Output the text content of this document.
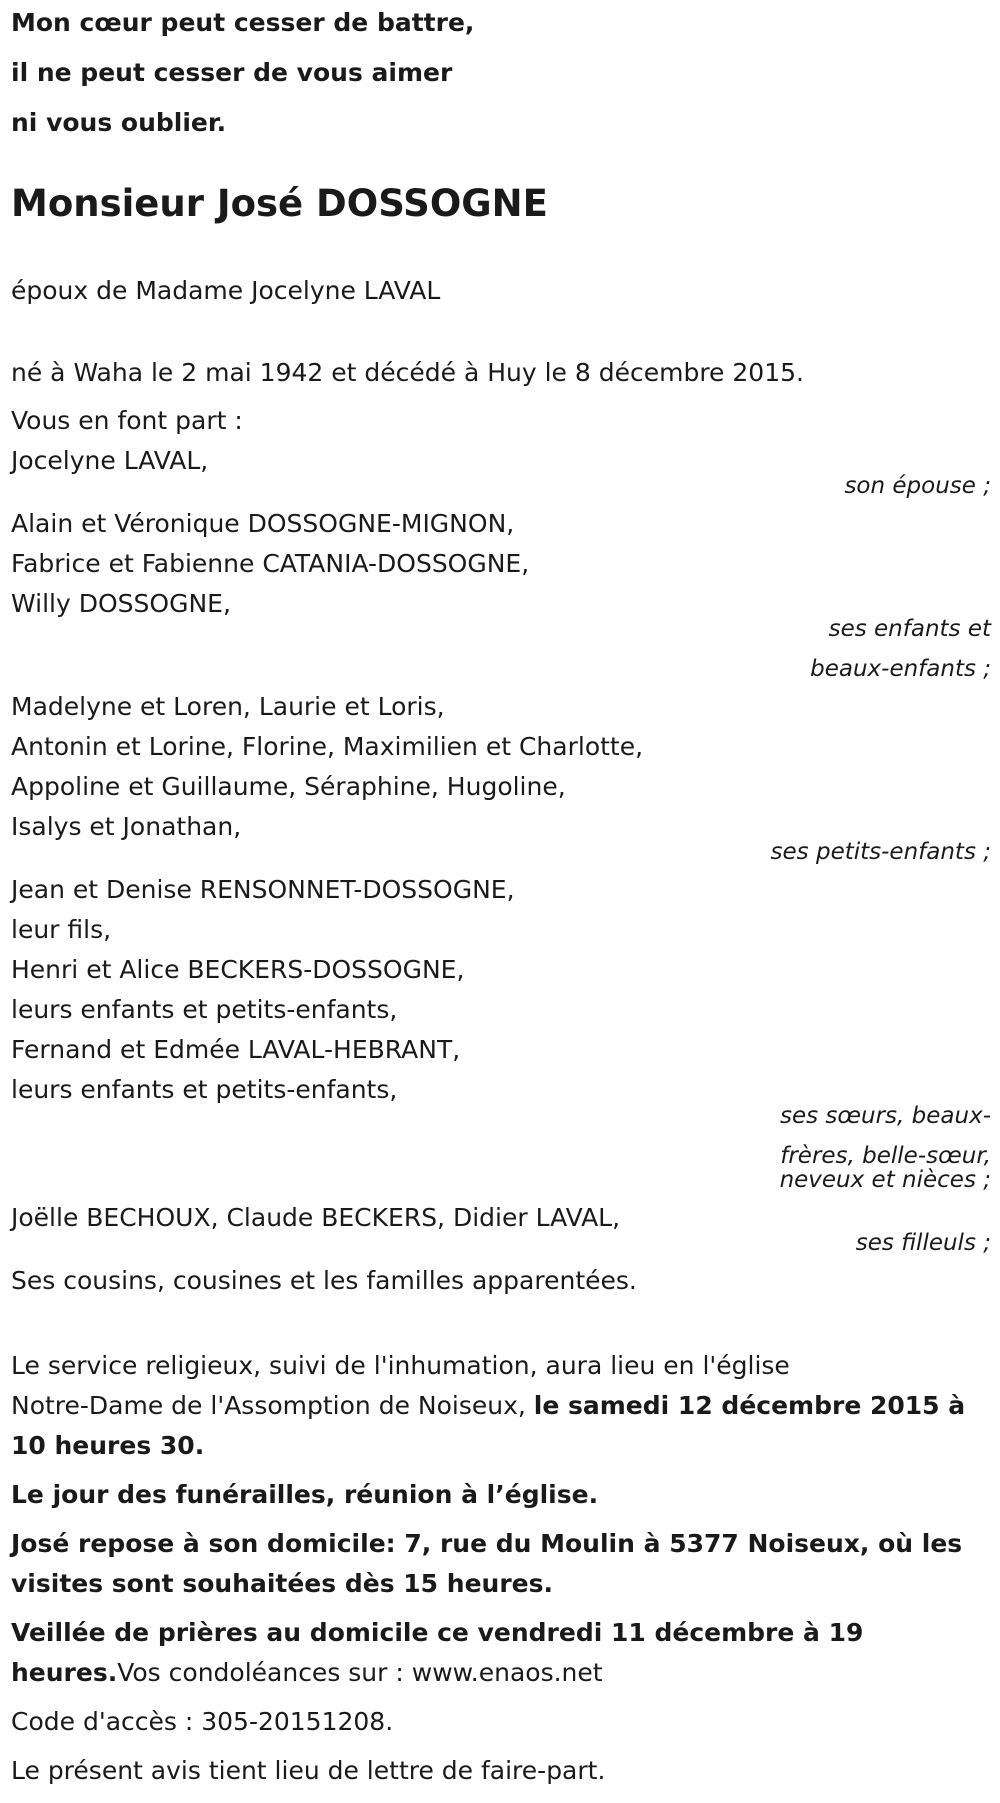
Mon cœur peut cesser de battre,
il ne peut cesser de vous aimer
ni vous oublier.
Monsieur José DOSSOGNE
époux de Madame Jocelyne LAVAL
né à Waha le 2 mai 1942 et décédé à Huy le 8 décembre 2015.
Vous en font part :
Jocelyne LAVAL,
son épouse ;
Alain et Véronique DOSSOGNE-MIGNON,
Fabrice et Fabienne CATANIA-DOSSOGNE,
Willy DOSSOGNE,
ses enfants et
beaux-enfants ;
Madelyne et Loren, Laurie et Loris,
Antonin et Lorine, Florine, Maximilien et Charlotte,
Appoline et Guillaume, Séraphine, Hugoline,
Isalys et Jonathan,
ses petits-enfants ;
Jean et Denise RENSONNET-DOSSOGNE,
leur fils,
Henri et Alice BECKERS-DOSSOGNE,
leurs enfants et petits-enfants,
Fernand et Edmée LAVAL-HEBRANT,
leurs enfants et petits-enfants,
ses sœurs, beaux-
frères, belle-sœur,
neveux et nièces ;
Joëlle BECHOUX, Claude BECKERS, Didier LAVAL,
ses filleuls ;
Ses cousins, cousines et les familles apparentées.
Le service religieux, suivi de l'inhumation, aura lieu en l'église
Notre-Dame de l'Assomption de Noiseux, le samedi 12 décembre 2015 à
10 heures 30.
Le jour des funérailles, réunion à l’église.
José repose à son domicile: 7, rue du Moulin à 5377 Noiseux, où les
visites sont souhaitées dès 15 heures.
Veillée de prières au domicile ce vendredi 11 décembre à 19
heures.Vos condoléances sur : www.enaos.net
Code d'accès : 305-20151208.
Le présent avis tient lieu de lettre de faire-part.
